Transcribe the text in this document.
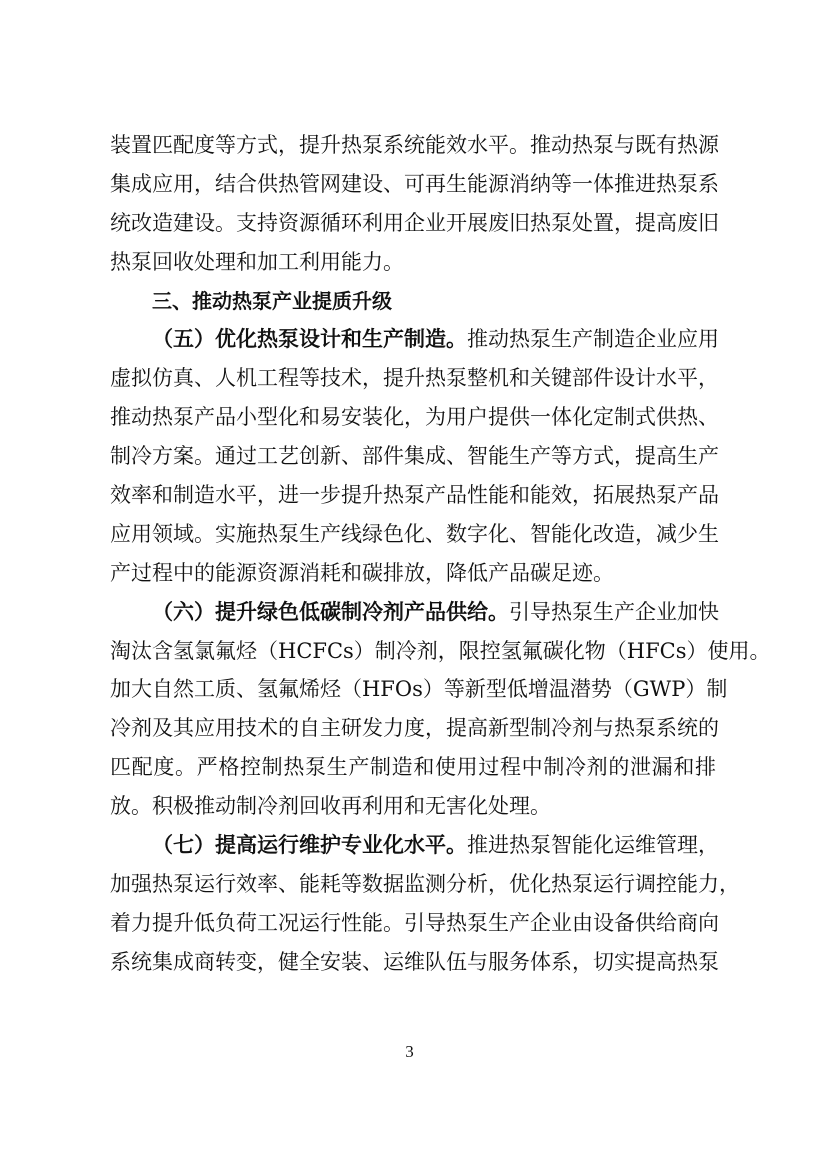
装置匹配度等方式，提升热泵系统能效水平。推动热泵与既有热源
集成应用，结合供热管网建设、可再生能源消纳等一体推进热泵系
统改造建设。支持资源循环利用企业开展废旧热泵处置，提高废旧
热泵回收处理和加工利用能力。
三、推动热泵产业提质升级
（五）优化热泵设计和生产制造。推动热泵生产制造企业应用
虚拟仿真、人机工程等技术，提升热泵整机和关键部件设计水平，
推动热泵产品小型化和易安装化，为用户提供一体化定制式供热、
制冷方案。通过工艺创新、部件集成、智能生产等方式，提高生产
效率和制造水平，进一步提升热泵产品性能和能效，拓展热泵产品
应用领域。实施热泵生产线绿色化、数字化、智能化改造，减少生
产过程中的能源资源消耗和碳排放，降低产品碳足迹。
（六）提升绿色低碳制冷剂产品供给。引导热泵生产企业加快
淘汰含氢氯氟烃（HCFCs）制冷剂，限控氢氟碳化物（HFCs）使用。
加大自然工质、氢氟烯烃（HFOs）等新型低增温潜势（GWP）制
冷剂及其应用技术的自主研发力度，提高新型制冷剂与热泵系统的
匹配度。严格控制热泵生产制造和使用过程中制冷剂的泄漏和排
放。积极推动制冷剂回收再利用和无害化处理。
（七）提高运行维护专业化水平。推进热泵智能化运维管理，
加强热泵运行效率、能耗等数据监测分析，优化热泵运行调控能力，
着力提升低负荷工况运行性能。引导热泵生产企业由设备供给商向
系统集成商转变，健全安装、运维队伍与服务体系，切实提高热泵
3
